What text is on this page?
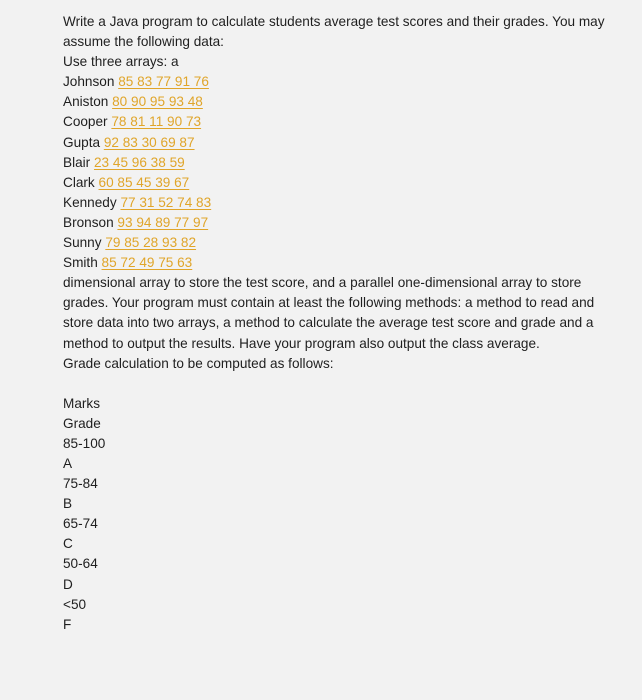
Write a Java program to calculate students average test scores and their grades. You may assume the following data:
Use three arrays: a
Johnson 85 83 77 91 76
Aniston 80 90 95 93 48
Cooper 78 81 11 90 73
Gupta 92 83 30 69 87
Blair 23 45 96 38 59
Clark 60 85 45 39 67
Kennedy 77 31 52 74 83
Bronson 93 94 89 77 97
Sunny 79 85 28 93 82
Smith 85 72 49 75 63
dimensional array to store the test score, and a parallel one-dimensional array to store grades. Your program must contain at least the following methods: a method to read and store data into two arrays, a method to calculate the average test score and grade and a method to output the results. Have your program also output the class average.
Grade calculation to be computed as follows:
Marks
Grade
85-100
A
75-84
B
65-74
C
50-64
D
<50
F
